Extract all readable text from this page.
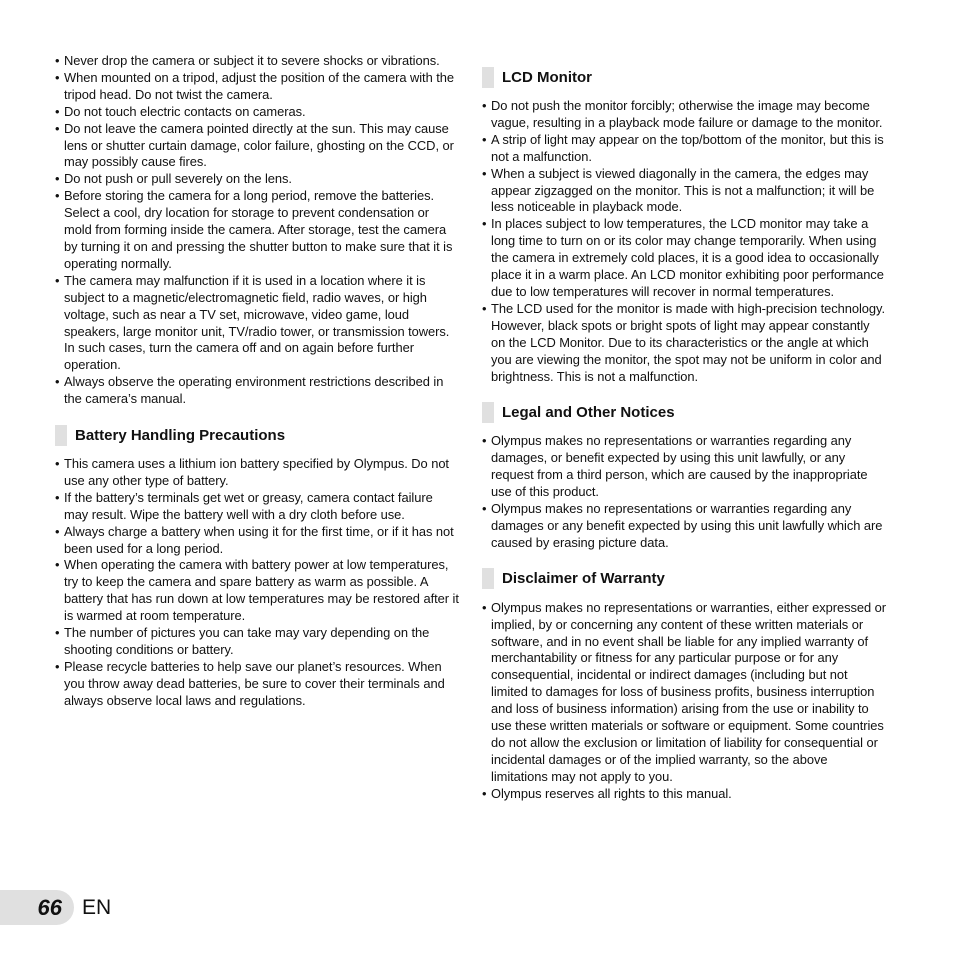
• Never drop the camera or subject it to severe shocks or vibrations.
• When mounted on a tripod, adjust the position of the camera with the tripod head. Do not twist the camera.
• Do not touch electric contacts on cameras.
• Do not leave the camera pointed directly at the sun. This may cause lens or shutter curtain damage, color failure, ghosting on the CCD, or may possibly cause fires.
• Do not push or pull severely on the lens.
• Before storing the camera for a long period, remove the batteries. Select a cool, dry location for storage to prevent condensation or mold from forming inside the camera. After storage, test the camera by turning it on and pressing the shutter button to make sure that it is operating normally.
• The camera may malfunction if it is used in a location where it is subject to a magnetic/electromagnetic field, radio waves, or high voltage, such as near a TV set, microwave, video game, loud speakers, large monitor unit, TV/radio tower, or transmission towers. In such cases, turn the camera off and on again before further operation.
• Always observe the operating environment restrictions described in the camera’s manual.
Battery Handling Precautions
• This camera uses a lithium ion battery specified by Olympus. Do not use any other type of battery.
• If the battery’s terminals get wet or greasy, camera contact failure may result. Wipe the battery well with a dry cloth before use.
• Always charge a battery when using it for the first time, or if it has not been used for a long period.
• When operating the camera with battery power at low temperatures, try to keep the camera and spare battery as warm as possible. A battery that has run down at low temperatures may be restored after it is warmed at room temperature.
• The number of pictures you can take may vary depending on the shooting conditions or battery.
• Please recycle batteries to help save our planet’s resources. When you throw away dead batteries, be sure to cover their terminals and always observe local laws and regulations.
LCD Monitor
• Do not push the monitor forcibly; otherwise the image may become vague, resulting in a playback mode failure or damage to the monitor.
• A strip of light may appear on the top/bottom of the monitor, but this is not a malfunction.
• When a subject is viewed diagonally in the camera, the edges may appear zigzagged on the monitor. This is not a malfunction; it will be less noticeable in playback mode.
• In places subject to low temperatures, the LCD monitor may take a long time to turn on or its color may change temporarily. When using the camera in extremely cold places, it is a good idea to occasionally place it in a warm place. An LCD monitor exhibiting poor performance due to low temperatures will recover in normal temperatures.
• The LCD used for the monitor is made with high-precision technology. However, black spots or bright spots of light may appear constantly on the LCD Monitor. Due to its characteristics or the angle at which you are viewing the monitor, the spot may not be uniform in color and brightness. This is not a malfunction.
Legal and Other Notices
• Olympus makes no representations or warranties regarding any damages, or benefit expected by using this unit lawfully, or any request from a third person, which are caused by the inappropriate use of this product.
• Olympus makes no representations or warranties regarding any damages or any benefit expected by using this unit lawfully which are caused by erasing picture data.
Disclaimer of Warranty
• Olympus makes no representations or warranties, either expressed or implied, by or concerning any content of these written materials or software, and in no event shall be liable for any implied warranty of merchantability or fitness for any particular purpose or for any consequential, incidental or indirect damages (including but not limited to damages for loss of business profits, business interruption and loss of business information) arising from the use or inability to use these written materials or software or equipment. Some countries do not allow the exclusion or limitation of liability for consequential or incidental damages or of the implied warranty, so the above limitations may not apply to you.
• Olympus reserves all rights to this manual.
66 EN
